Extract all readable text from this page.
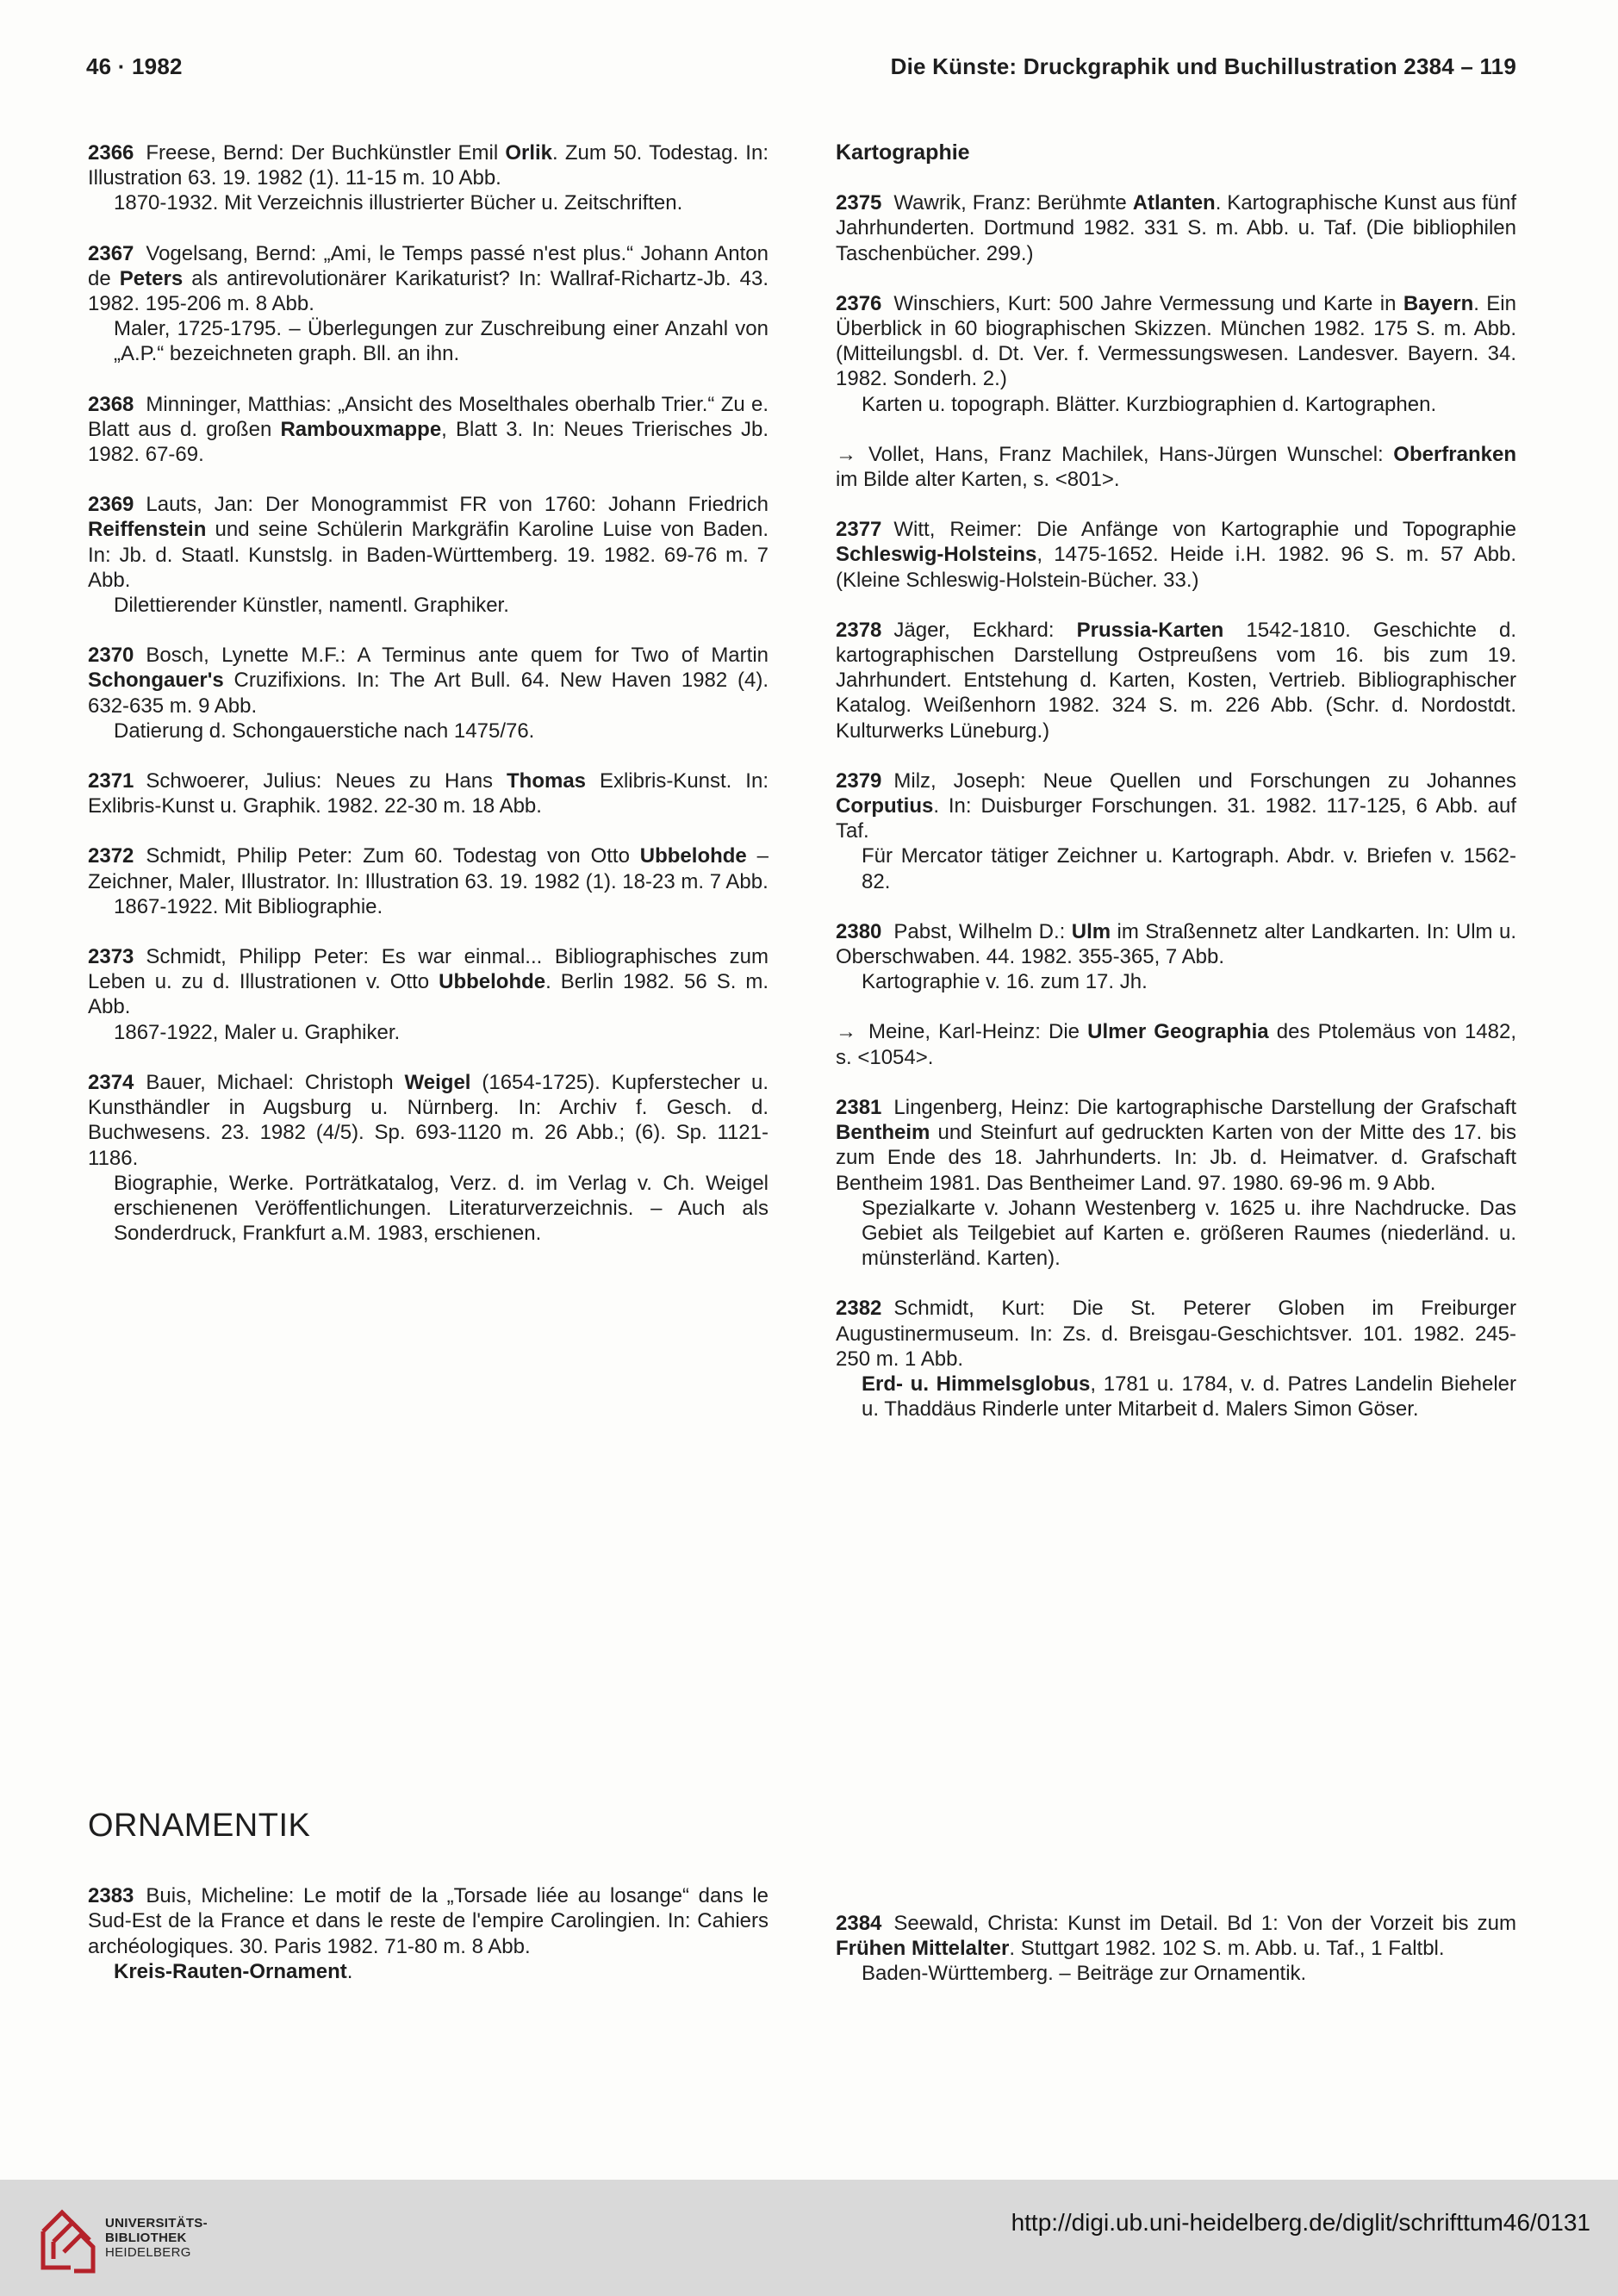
46 · 1982	Die Künste: Druckgraphik und Buchillustration 2384 – 119

2366 Freese, Bernd: Der Buchkünstler Emil Orlik. Zum 50. Todestag. In: Illustration 63. 19. 1982 (1). 11-15 m. 10 Abb.

1870-1932. Mit Verzeichnis illustrierter Bücher u. Zeitschriften.

2367 Vogelsang, Bernd: „Ami, le Temps passé n'est plus.“ Johann Anton de Peters als antirevolutionärer Karikaturist? In: Wallraf-Richartz-Jb. 43. 1982. 195-206 m. 8 Abb.

Maler, 1725-1795. – Überlegungen zur Zuschreibung einer Anzahl von „A.P.“ bezeichneten graph. Bll. an ihn.

2368 Minninger, Matthias: „Ansicht des Moselthales oberhalb Trier.“ Zu e. Blatt aus d. großen Rambouxmappe, Blatt 3. In: Neues Trierisches Jb. 1982. 67-69.

2369 Lauts, Jan: Der Monogrammist FR von 1760: Johann Friedrich Reiffenstein und seine Schülerin Markgräfin Karoline Luise von Baden. In: Jb. d. Staatl. Kunstslg. in Baden-Württemberg. 19. 1982. 69-76 m. 7 Abb.

Dilettierender Künstler, namentl. Graphiker.

2370 Bosch, Lynette M.F.: A Terminus ante quem for Two of Martin Schongauer's Cruzifixions. In: The Art Bull. 64. New Haven 1982 (4). 632-635 m. 9 Abb.

Datierung d. Schongauerstiche nach 1475/76.

2371 Schwoerer, Julius: Neues zu Hans Thomas Exlibris-Kunst. In: Exlibris-Kunst u. Graphik. 1982. 22-30 m. 18 Abb.

2372 Schmidt, Philip Peter: Zum 60. Todestag von Otto Ubbelohde – Zeichner, Maler, Illustrator. In: Illustration 63. 19. 1982 (1). 18-23 m. 7 Abb.

1867-1922. Mit Bibliographie.

2373 Schmidt, Philipp Peter: Es war einmal... Bibliographisches zum Leben u. zu d. Illustrationen v. Otto Ubbelohde. Berlin 1982. 56 S. m. Abb.

1867-1922, Maler u. Graphiker.

2374 Bauer, Michael: Christoph Weigel (1654-1725). Kupferstecher u. Kunsthändler in Augsburg u. Nürnberg. In: Archiv f. Gesch. d. Buchwesens. 23. 1982 (4/5). Sp. 693-1120 m. 26 Abb.; (6). Sp. 1121-1186.

Biographie, Werke. Porträtkatalog, Verz. d. im Verlag v. Ch. Weigel erschienenen Veröffentlichungen. Literaturverzeichnis. – Auch als Sonderdruck, Frankfurt a.M. 1983, erschienen.

Kartographie

2375 Wawrik, Franz: Berühmte Atlanten. Kartographische Kunst aus fünf Jahrhunderten. Dortmund 1982. 331 S. m. Abb. u. Taf. (Die bibliophilen Taschenbücher. 299.)

2376 Winschiers, Kurt: 500 Jahre Vermessung und Karte in Bayern. Ein Überblick in 60 biographischen Skizzen. München 1982. 175 S. m. Abb. (Mitteilungsbl. d. Dt. Ver. f. Vermessungswesen. Landesver. Bayern. 34. 1982. Sonderh. 2.)

Karten u. topograph. Blätter. Kurzbiographien d. Kartographen.

→ Vollet, Hans, Franz Machilek, Hans-Jürgen Wunschel: Oberfranken im Bilde alter Karten, s. <801>.

2377 Witt, Reimer: Die Anfänge von Kartographie und Topographie Schleswig-Holsteins, 1475-1652. Heide i.H. 1982. 96 S. m. 57 Abb. (Kleine Schleswig-Holstein-Bücher. 33.)

2378 Jäger, Eckhard: Prussia-Karten 1542-1810. Geschichte d. kartographischen Darstellung Ostpreußens vom 16. bis zum 19. Jahrhundert. Entstehung d. Karten, Kosten, Vertrieb. Bibliographischer Katalog. Weißenhorn 1982. 324 S. m. 226 Abb. (Schr. d. Nordostdt. Kulturwerks Lüneburg.)

2379 Milz, Joseph: Neue Quellen und Forschungen zu Johannes Corputius. In: Duisburger Forschungen. 31. 1982. 117-125, 6 Abb. auf Taf.

Für Mercator tätiger Zeichner u. Kartograph. Abdr. v. Briefen v. 1562-82.

2380 Pabst, Wilhelm D.: Ulm im Straßennetz alter Landkarten. In: Ulm u. Oberschwaben. 44. 1982. 355-365, 7 Abb.

Kartographie v. 16. zum 17. Jh.

→ Meine, Karl-Heinz: Die Ulmer Geographia des Ptolemäus von 1482, s. <1054>.

2381 Lingenberg, Heinz: Die kartographische Darstellung der Grafschaft Bentheim und Steinfurt auf gedruckten Karten von der Mitte des 17. bis zum Ende des 18. Jahrhunderts. In: Jb. d. Heimatver. d. Grafschaft Bentheim 1981. Das Bentheimer Land. 97. 1980. 69-96 m. 9 Abb.

Spezialkarte v. Johann Westenberg v. 1625 u. ihre Nachdrucke. Das Gebiet als Teilgebiet auf Karten e. größeren Raumes (niederländ. u. münsterländ. Karten).

2382 Schmidt, Kurt: Die St. Peterer Globen im Freiburger Augustinermuseum. In: Zs. d. Breisgau-Geschichtsver. 101. 1982. 245-250 m. 1 Abb.

Erd- u. Himmelsglobus, 1781 u. 1784, v. d. Patres Landelin Bieheler u. Thaddäus Rinderle unter Mitarbeit d. Malers Simon Göser.

ORNAMENTIK

2383 Buis, Micheline: Le motif de la „Torsade liée au losange“ dans le Sud-Est de la France et dans le reste de l'empire Carolingien. In: Cahiers archéologiques. 30. Paris 1982. 71-80 m. 8 Abb.

Kreis-Rauten-Ornament.

2384 Seewald, Christa: Kunst im Detail. Bd 1: Von der Vorzeit bis zum Frühen Mittelalter. Stuttgart 1982. 102 S. m. Abb. u. Taf., 1 Faltbl.

Baden-Württemberg. – Beiträge zur Ornamentik.

UNIVERSITÄTS-
BIBLIOTHEK
HEIDELBERG
http://digi.ub.uni-heidelberg.de/diglit/schrifttum46/0131
